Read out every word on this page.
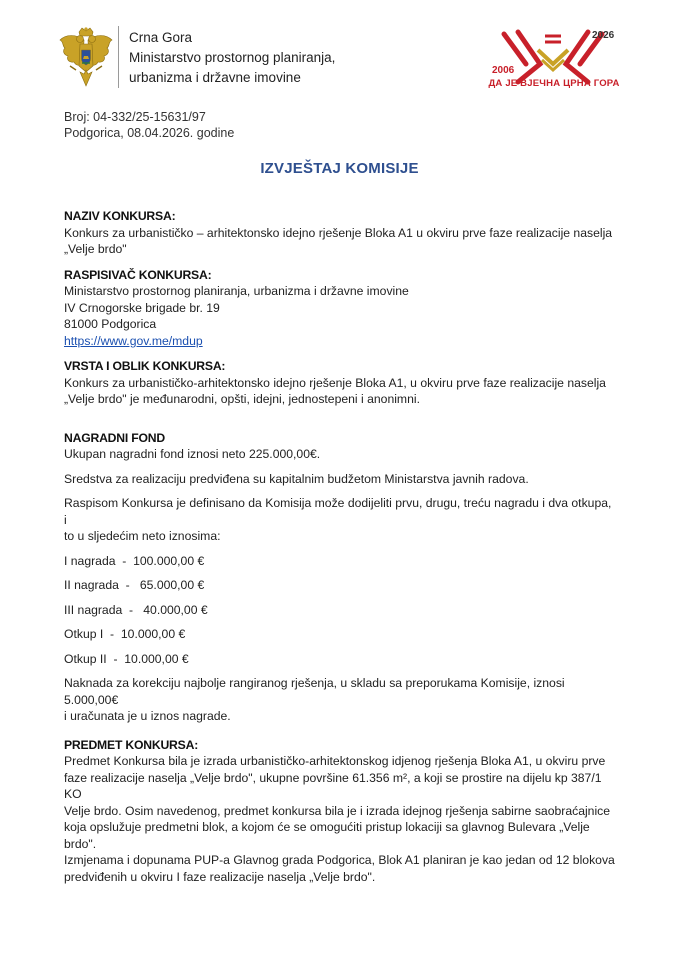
Crna Gora
Ministarstvo prostornog planiranja,
urbanizma i državne imovine
2026
2006
ДА ЈЕ ВЈЕЧНА ЦРНА ГОРА
Broj: 04-332/25-15631/97
Podgorica, 08.04.2026. godine
IZVJEŠTAJ KOMISIJE
NAZIV KONKURSA:

Konkurs za urbanističko – arhitektonsko idejno rješenje Bloka A1 u okviru prve faze realizacije naselja

„Velje brdo"

RASPISIVAČ KONKURSA:

Ministarstvo prostornog planiranja, urbanizma i državne imovine

IV Crnogorske brigade br. 19

81000 Podgorica

https://www.gov.me/mdup

VRSTA I OBLIK KONKURSA:

Konkurs za urbanističko-arhitektonsko idejno rješenje Bloka A1, u okviru prve faze realizacije naselja

„Velje brdo" je međunarodni, opšti, idejni, jednostepeni i anonimni.

NAGRADNI FOND

Ukupan nagradni fond iznosi neto 225.000,00€.

Sredstva za realizaciju predviđena su kapitalnim budžetom Ministarstva javnih radova.

Raspisom Konkursa je definisano da Komisija može dodijeliti prvu, drugu, treću nagradu i dva otkupa, i

to u sljedećim neto iznosima:

I nagrada  -  100.000,00 €

II nagrada  -   65.000,00 €

III nagrada  -   40.000,00 €

Otkup I  -  10.000,00 €

Otkup II  -  10.000,00 €

Naknada za korekciju najbolje rangiranog rješenja, u skladu sa preporukama Komisije, iznosi 5.000,00€

i uračunata je u iznos nagrade.

PREDMET KONKURSA:

Predmet Konkursa bila je izrada urbanističko-arhitektonskog idjenog rješenja Bloka A1, u okviru prve

faze realizacije naselja „Velje brdo", ukupne površine 61.356 m², a koji se prostire na dijelu kp 387/1 KO

Velje brdo. Osim navedenog, predmet konkursa bila je i izrada idejnog rješenja sabirne saobraćajnice

koja opslužuje predmetni blok, a kojom će se omogućiti pristup lokaciji sa glavnog Bulevara „Velje brdo".

Izmjenama i dopunama PUP-a Glavnog grada Podgorica, Blok A1 planiran je kao jedan od 12 blokova

predviđenih u okviru I faze realizacije naselja „Velje brdo".
